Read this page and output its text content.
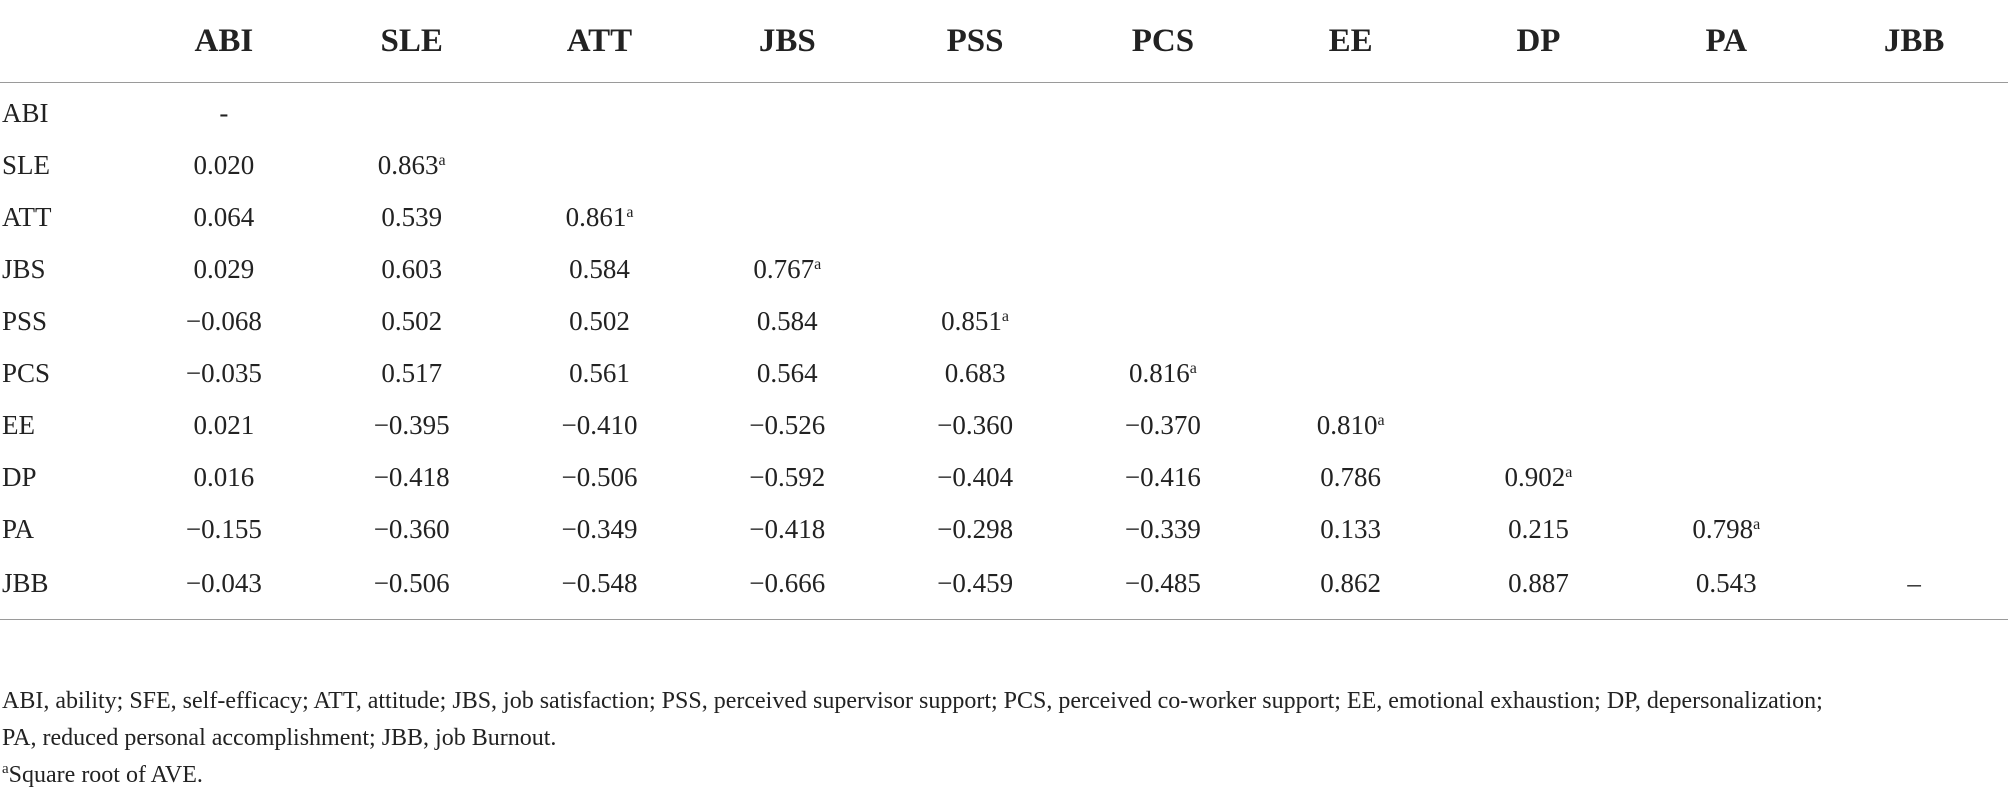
	ABI	SLE	ATT	JBS	PSS	PCS	EE	DP	PA	JBB
ABI	-									
SLE	0.020	0.863$^a$								
ATT	0.064	0.539	0.861$^a$							
JBS	0.029	0.603	0.584	0.767$^a$						
PSS	−0.068	0.502	0.502	0.584	0.851$^a$					
PCS	−0.035	0.517	0.561	0.564	0.683	0.816$^a$				
EE	0.021	−0.395	−0.410	−0.526	−0.360	−0.370	0.810$^a$			
DP	0.016	−0.418	−0.506	−0.592	−0.404	−0.416	0.786	0.902$^a$		
PA	−0.155	−0.360	−0.349	−0.418	−0.298	−0.339	0.133	0.215	0.798$^a$	
JBB	−0.043	−0.506	−0.548	−0.666	−0.459	−0.485	0.862	0.887	0.543	–

ABI, ability; SFE, self-efficacy; ATT, attitude; JBS, job satisfaction; PSS, perceived supervisor support; PCS, perceived co-worker support; EE, emotional exhaustion; DP, depersonalization;
PA, reduced personal accomplishment; JBB, job Burnout.

$^a$Square root of AVE.
